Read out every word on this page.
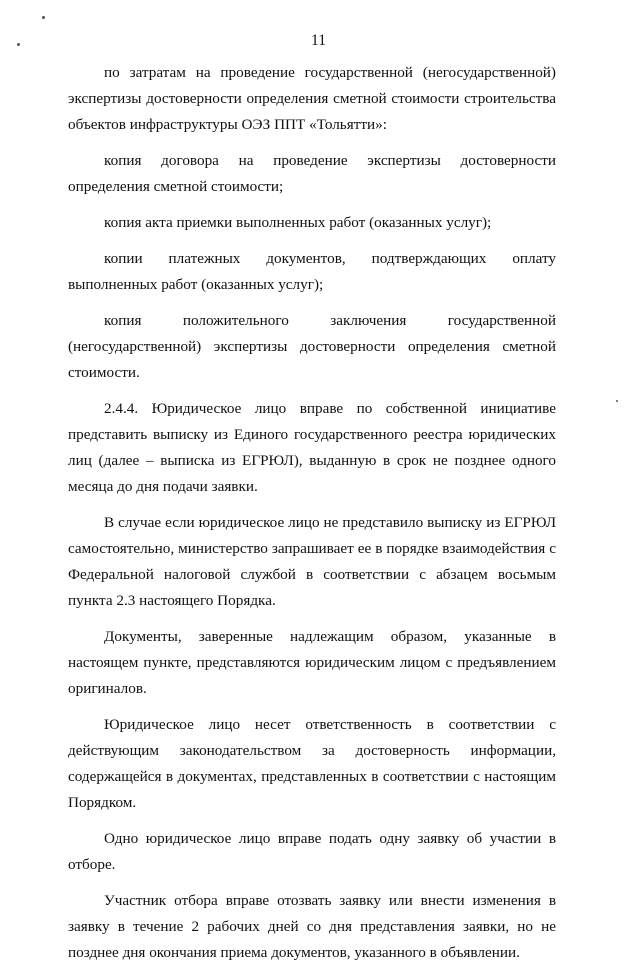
11

по затратам на проведение государственной (негосударственной) экспертизы достоверности определения сметной стоимости строительства объектов инфраструктуры ОЭЗ ППТ «Тольятти»:

копия договора на проведение экспертизы достоверности определения сметной стоимости;

копия акта приемки выполненных работ (оказанных услуг);

копии платежных документов, подтверждающих оплату выполненных работ (оказанных услуг);

копия положительного заключения государственной (негосударственной) экспертизы достоверности определения сметной стоимости.

2.4.4. Юридическое лицо вправе по собственной инициативе представить выписку из Единого государственного реестра юридических лиц (далее – выписка из ЕГРЮЛ), выданную в срок не позднее одного месяца до дня подачи заявки.

В случае если юридическое лицо не представило выписку из ЕГРЮЛ самостоятельно, министерство запрашивает ее в порядке взаимодействия с Федеральной налоговой службой в соответствии с абзацем восьмым пункта 2.3 настоящего Порядка.

Документы, заверенные надлежащим образом, указанные в настоящем пункте, представляются юридическим лицом с предъявлением оригиналов.

Юридическое лицо несет ответственность в соответствии с действующим законодательством за достоверность информации, содержащейся в документах, представленных в соответствии с настоящим Порядком.

Одно юридическое лицо вправе подать одну заявку об участии в отборе.

Участник отбора вправе отозвать заявку или внести изменения в заявку в течение 2 рабочих дней со дня представления заявки, но не позднее дня окончания приема документов, указанного в объявлении.
